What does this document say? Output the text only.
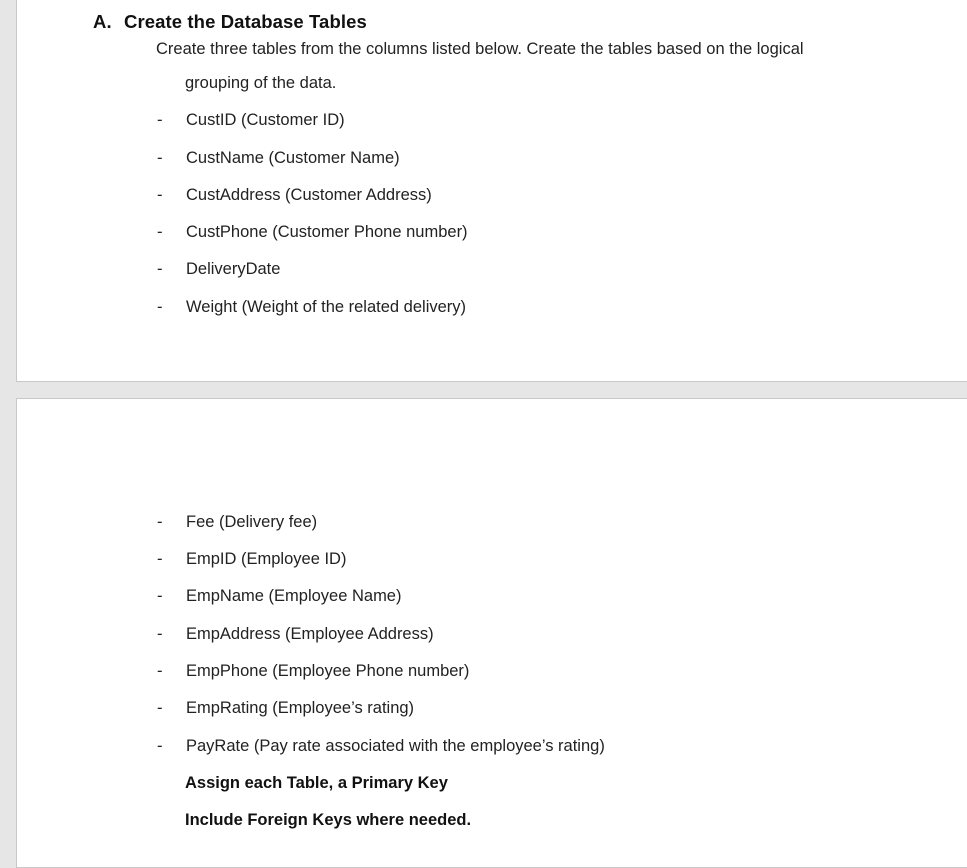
A. Create the Database Tables
Create three tables from the columns listed below. Create the tables based on the logical
grouping of the data.
- CustID (Customer ID)
- CustName (Customer Name)
- CustAddress (Customer Address)
- CustPhone (Customer Phone number)
- DeliveryDate
- Weight (Weight of the related delivery)
- Fee (Delivery fee)
- EmpID (Employee ID)
- EmpName (Employee Name)
- EmpAddress (Employee Address)
- EmpPhone (Employee Phone number)
- EmpRating (Employee’s rating)
- PayRate (Pay rate associated with the employee’s rating)
Assign each Table, a Primary Key
Include Foreign Keys where needed.
